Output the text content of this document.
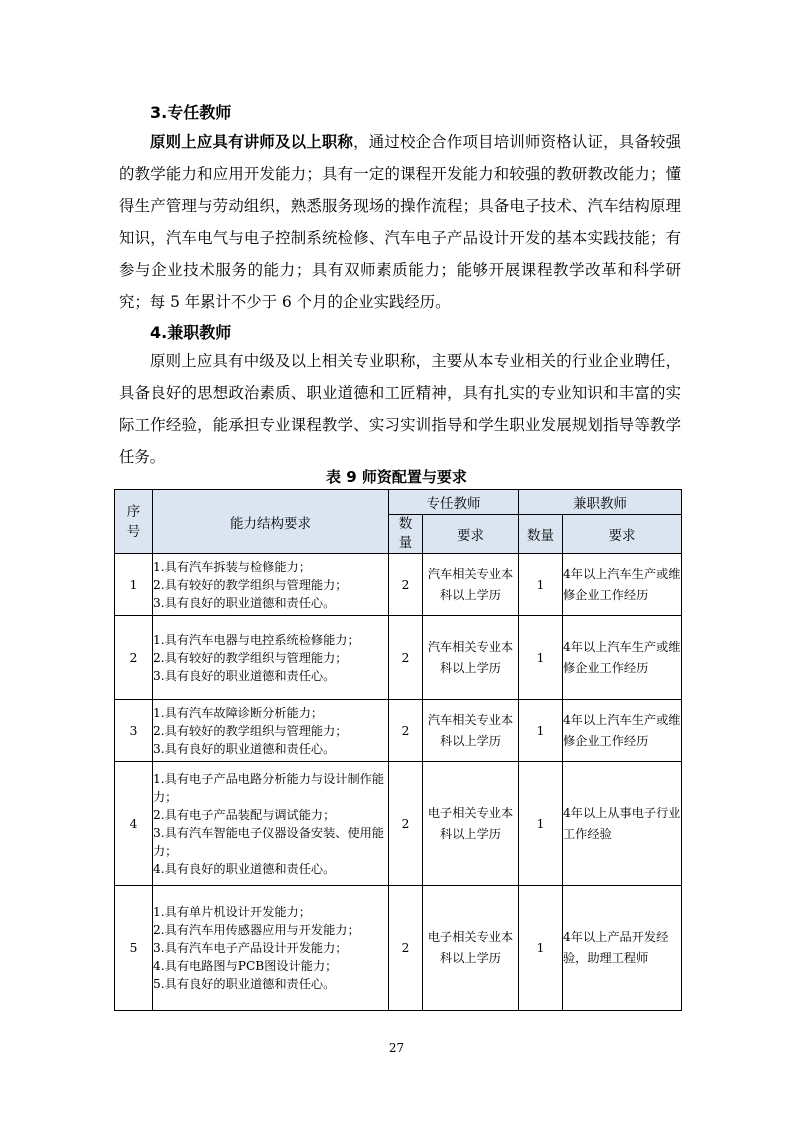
3.专任教师
原则上应具有讲师及以上职称，通过校企合作项目培训师资格认证，具备较强的教学能力和应用开发能力；具有一定的课程开发能力和较强的教研教改能力；懂得生产管理与劳动组织，熟悉服务现场的操作流程；具备电子技术、汽车结构原理知识，汽车电气与电子控制系统检修、汽车电子产品设计开发的基本实践技能；有参与企业技术服务的能力；具有双师素质能力；能够开展课程教学改革和科学研究；每 5 年累计不少于 6 个月的企业实践经历。
4.兼职教师
原则上应具有中级及以上相关专业职称，主要从本专业相关的行业企业聘任，具备良好的思想政治素质、职业道德和工匠精神，具有扎实的专业知识和丰富的实际工作经验，能承担专业课程教学、实习实训指导和学生职业发展规划指导等教学任务。
表 9 师资配置与要求
序号	能力结构要求	专任教师		兼职教师	
		数量	要求	数量	要求
1	1.具有汽车拆装与检修能力；
2.具有较好的教学组织与管理能力；
3.具有良好的职业道德和责任心。	2	汽车相关专业本科以上学历	1	4年以上汽车生产或维修企业工作经历
2	1.具有汽车电器与电控系统检修能力；
2.具有较好的教学组织与管理能力；
3.具有良好的职业道德和责任心。	2	汽车相关专业本科以上学历	1	4年以上汽车生产或维修企业工作经历
3	1.具有汽车故障诊断分析能力；
2.具有较好的教学组织与管理能力；
3.具有良好的职业道德和责任心。	2	汽车相关专业本科以上学历	1	4年以上汽车生产或维修企业工作经历
4	1.具有电子产品电路分析能力与设计制作能力；
2.具有电子产品装配与调试能力；
3.具有汽车智能电子仪器设备安装、使用能力；
4.具有良好的职业道德和责任心。	2	电子相关专业本科以上学历	1	4年以上从事电子行业工作经验
5	1.具有单片机设计开发能力；
2.具有汽车用传感器应用与开发能力；
3.具有汽车电子产品设计开发能力；
4.具有电路图与PCB图设计能力；
5.具有良好的职业道德和责任心。	2	电子相关专业本科以上学历	1	4年以上产品开发经验，助理工程师
27
